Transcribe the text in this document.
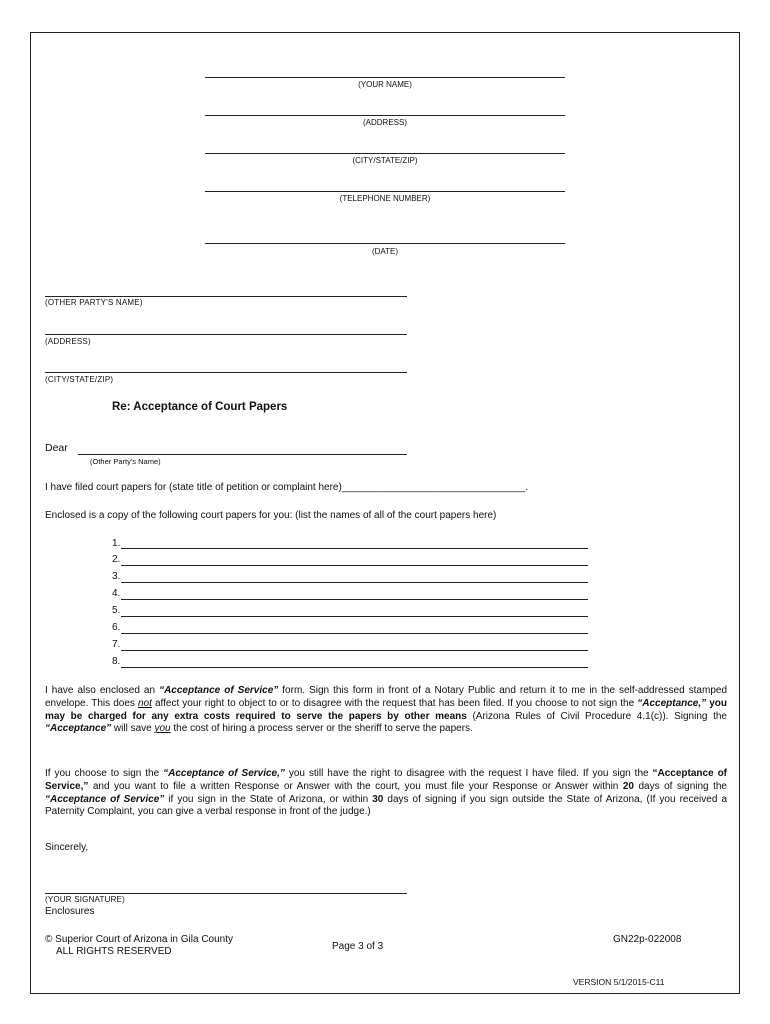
(YOUR NAME)
(ADDRESS)
(CITY/STATE/ZIP)
(TELEPHONE NUMBER)
(DATE)
(OTHER PARTY'S NAME)
(ADDRESS)
(CITY/STATE/ZIP)
Re: Acceptance of Court Papers
Dear
(Other Party's Name)
I have filed court papers for (state title of petition or complaint here)_________________________________.
Enclosed is a copy of the following court papers for you: (list the names of all of the court papers here)
1.
2.
3.
4.
5.
6.
7.
8.
I have also enclosed an “Acceptance of Service” form. Sign this form in front of a Notary Public and return it to me in the self-addressed stamped envelope. This does not affect your right to object to or to disagree with the request that has been filed. If you choose to not sign the “Acceptance,” you may be charged for any extra costs required to serve the papers by other means (Arizona Rules of Civil Procedure 4.1(c)). Signing the “Acceptance” will save you the cost of hiring a process server or the sheriff to serve the papers.
If you choose to sign the “Acceptance of Service,” you still have the right to disagree with the request I have filed. If you sign the “Acceptance of Service,” and you want to file a written Response or Answer with the court, you must file your Response or Answer within 20 days of signing the “Acceptance of Service” if you sign in the State of Arizona, or within 30 days of signing if you sign outside the State of Arizona, (If you received a Paternity Complaint, you can give a verbal response in front of the judge.)
Sincerely,
(YOUR SIGNATURE)
Enclosures
© Superior Court of Arizona in Gila County
ALL RIGHTS RESERVED	Page 3 of 3
GN22p-022008
VERSION 5/1/2015-C11
